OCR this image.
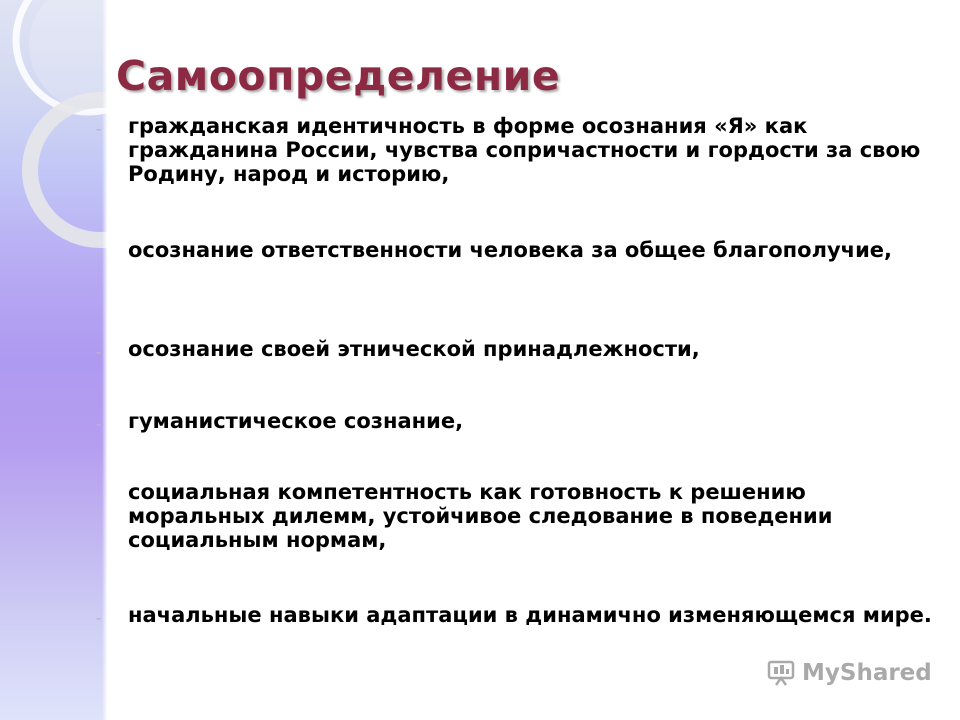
Самоопределение
–	гражданская идентичность в форме осознания «Я» как гражданина России, чувства сопричастности и гордости за свою Родину, народ и историю,
–	осознание ответственности человека за общее благополучие,
–	осознание своей этнической принадлежности,
–	гуманистическое сознание,
–	социальная компетентность как готовность к решению моральных дилемм, устойчивое следование в поведении социальным нормам,
–	начальные навыки адаптации в динамично изменяющемся мире.
MyShared
